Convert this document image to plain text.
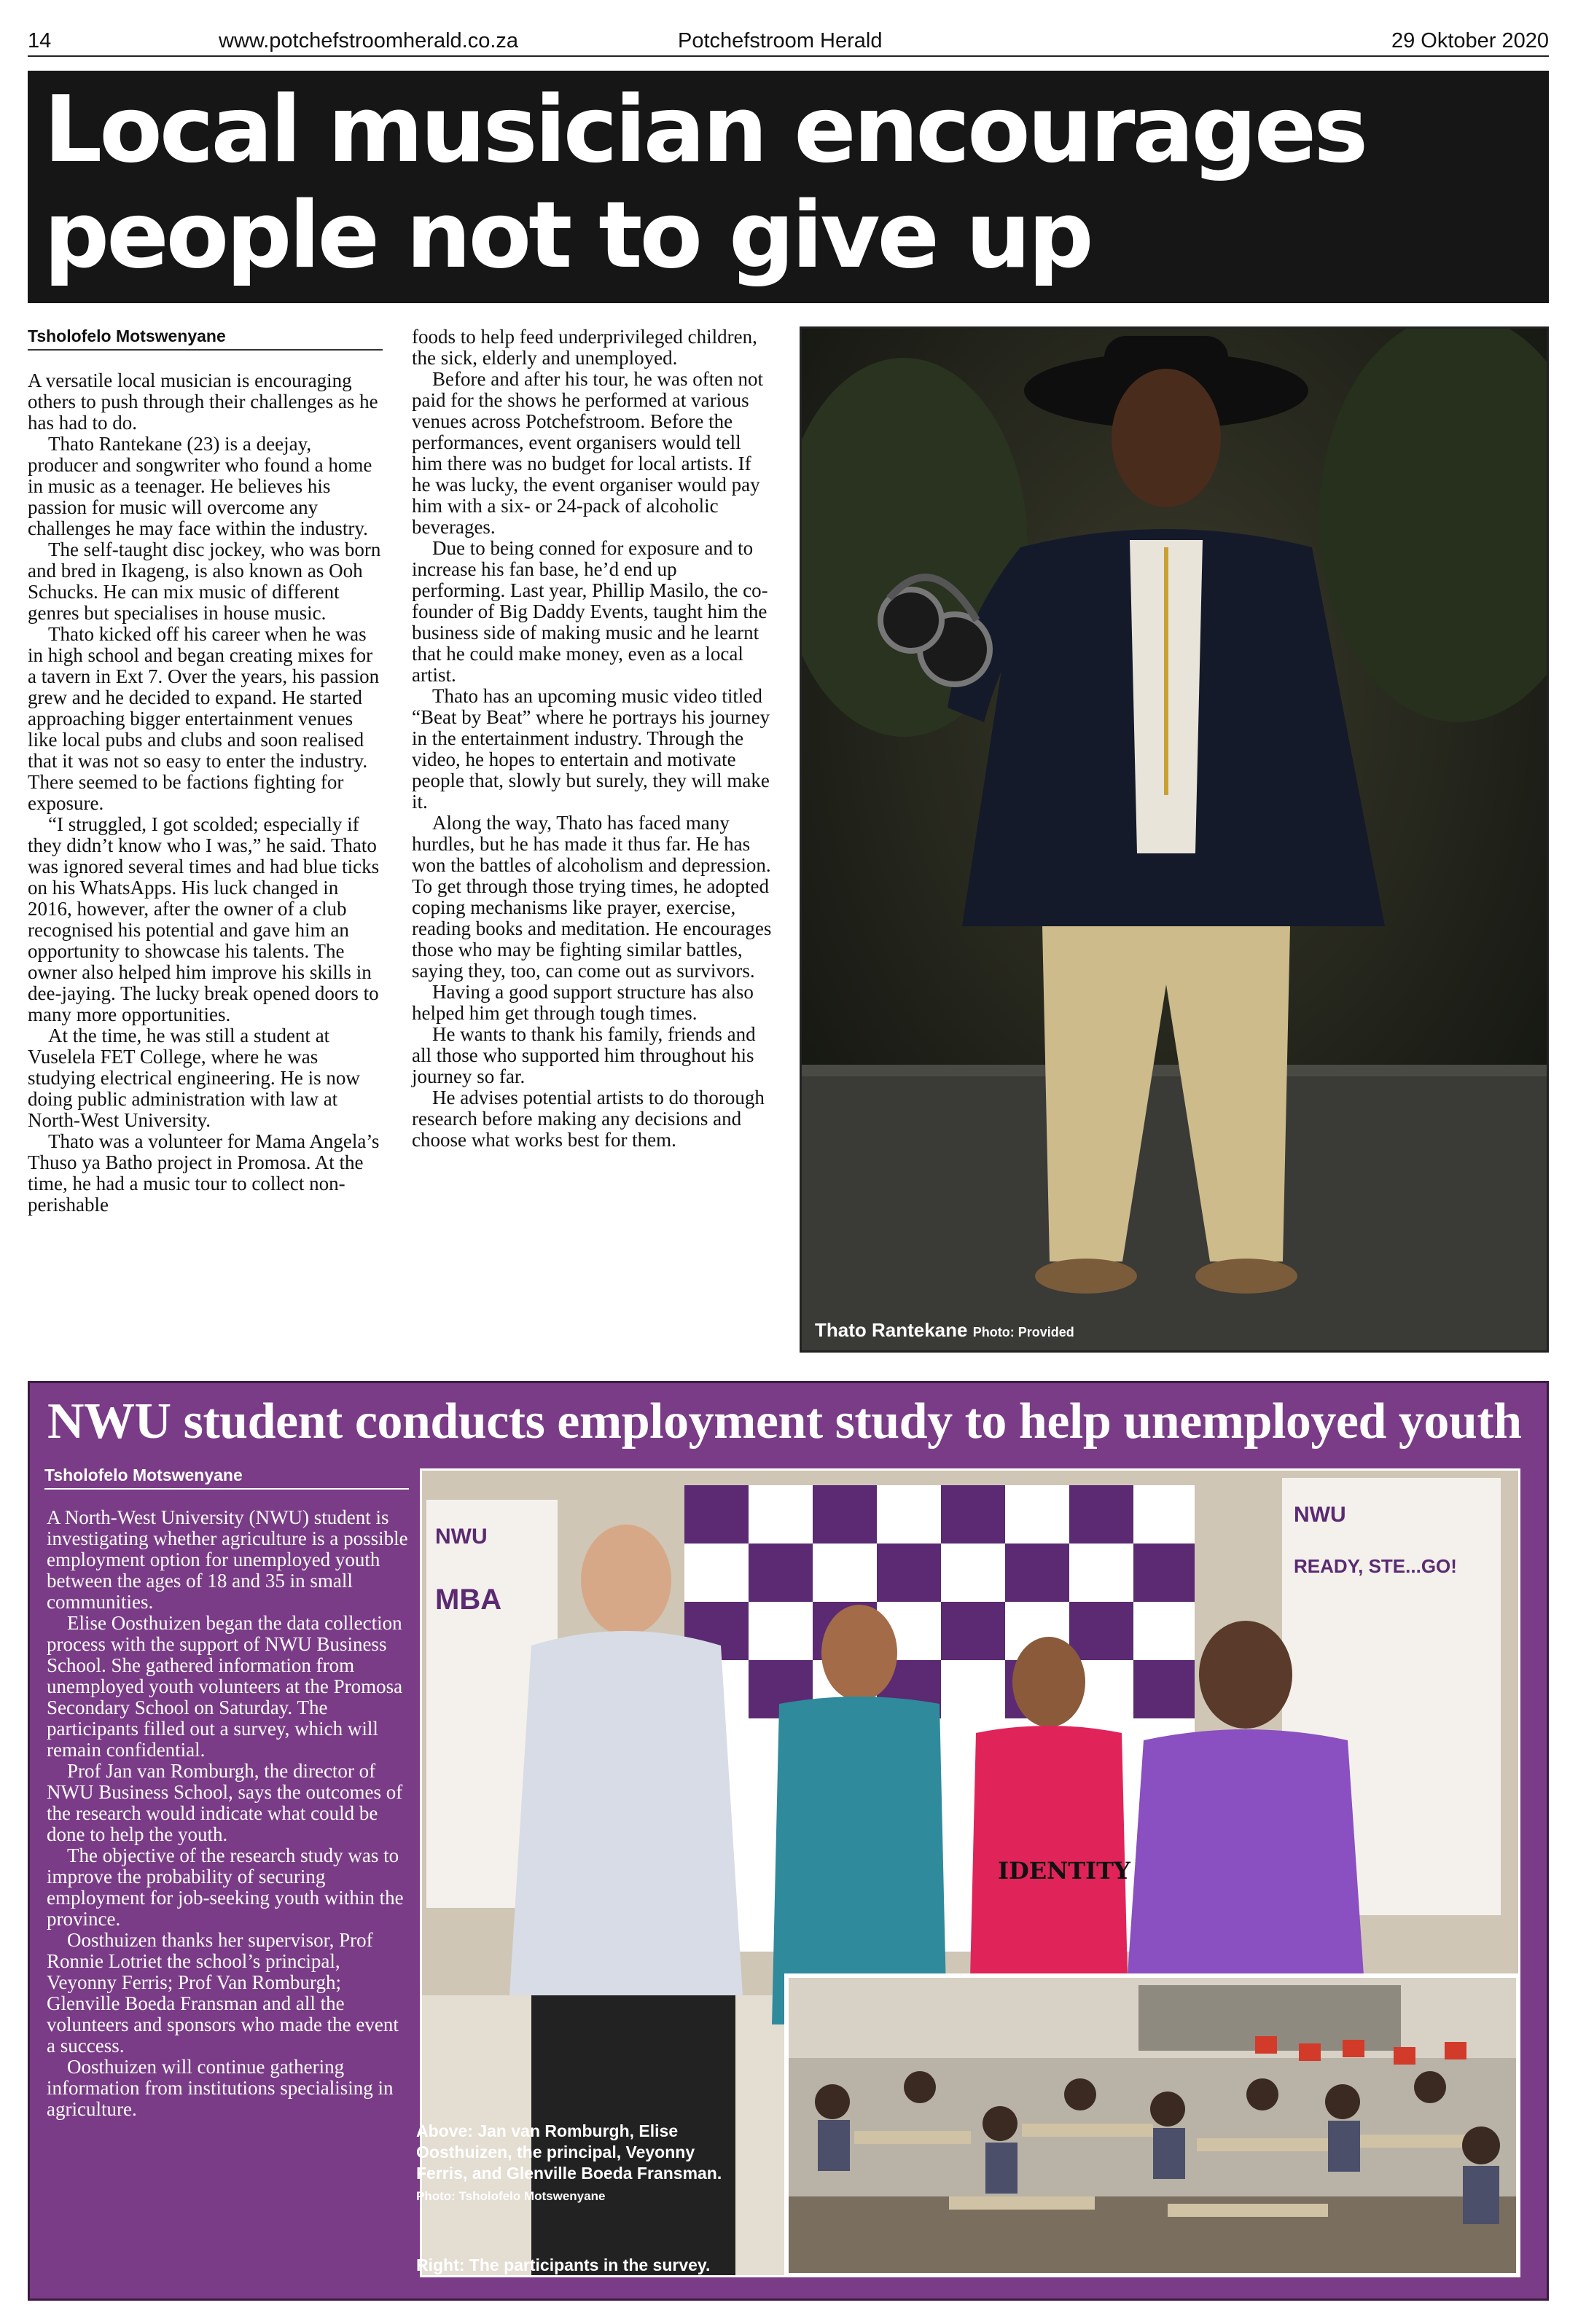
14	www.potchefstroomherald.co.za	Potchefstroom Herald	29 Oktober 2020
Local musician encourages people not to give up
Tsholofelo Motswenyane

A versatile local musician is encouraging others to push through their challenges as he has had to do.

Thato Rantekane (23) is a deejay, producer and songwriter who found a home in music as a teenager. He believes his passion for music will overcome any challenges he may face within the industry.

The self-taught disc jockey, who was born and bred in Ikageng, is also known as Ooh Schucks. He can mix music of different genres but specialises in house music.

Thato kicked off his career when he was in high school and began creating mixes for a tavern in Ext 7. Over the years, his passion grew and he decided to expand. He started approaching bigger entertainment venues like local pubs and clubs and soon realised that it was not so easy to enter the industry. There seemed to be factions fighting for exposure.

“I struggled, I got scolded; especially if they didn’t know who I was,” he said. Thato was ignored several times and had blue ticks on his WhatsApps. His luck changed in 2016, however, after the owner of a club recognised his potential and gave him an opportunity to showcase his talents. The owner also helped him improve his skills in dee-jaying. The lucky break opened doors to many more opportunities.

At the time, he was still a student at Vuselela FET College, where he was studying electrical engineering. He is now doing public administration with law at North-West University.

Thato was a volunteer for Mama Angela’s Thuso ya Batho project in Promosa. At the time, he had a music tour to collect non-perishable

foods to help feed underprivileged children, the sick, elderly and unemployed.

Before and after his tour, he was often not paid for the shows he performed at various venues across Potchefstroom. Before the performances, event organisers would tell him there was no budget for local artists. If he was lucky, the event organiser would pay him with a six- or 24-pack of alcoholic beverages.

Due to being conned for exposure and to increase his fan base, he’d end up performing. Last year, Phillip Masilo, the co-founder of Big Daddy Events, taught him the business side of making music and he learnt that he could make money, even as a local artist.

Thato has an upcoming music video titled “Beat by Beat” where he portrays his journey in the entertainment industry. Through the video, he hopes to entertain and motivate people that, slowly but surely, they will make it.

Along the way, Thato has faced many hurdles, but he has made it thus far. He has won the battles of alcoholism and depression. To get through those trying times, he adopted coping mechanisms like prayer, exercise, reading books and meditation. He encourages those who may be fighting similar battles, saying they, too, can come out as survivors.

Having a good support structure has also helped him get through tough times.

He wants to thank his family, friends and all those who supported him throughout his journey so far.

He advises potential artists to do thorough research before making any decisions and choose what works best for them.

Thato Rantekane Photo: Provided
NWU student conducts employment study to help unemployed youth
Tsholofelo Motswenyane

A North-West University (NWU) student is investigating whether agriculture is a possible employment option for unemployed youth between the ages of 18 and 35 in small communities.

Elise Oosthuizen began the data collection process with the support of NWU Business School. She gathered information from unemployed youth volunteers at the Promosa Secondary School on Saturday. The participants filled out a survey, which will remain confidential.

Prof Jan van Romburgh, the director of NWU Business School, says the outcomes of the research would indicate what could be done to help the youth.

The objective of the research study was to improve the probability of securing employment for job-seeking youth within the province.

Oosthuizen thanks her supervisor, Prof Ronnie Lotriet the school’s principal, Veyonny Ferris; Prof Van Romburgh; Glenville Boeda Fransman and all the volunteers and sponsors who made the event a success.

Oosthuizen will continue gathering information from institutions specialising in agriculture.

NWU
MBA
NWU
READY, STE...GO!
IDENTITY
Above: Jan van Romburgh, Elise Oosthuizen, the principal, Veyonny Ferris, and Glenville Boeda Fransman. Photo: Tsholofelo Motswenyane
Right: The participants in the survey.
